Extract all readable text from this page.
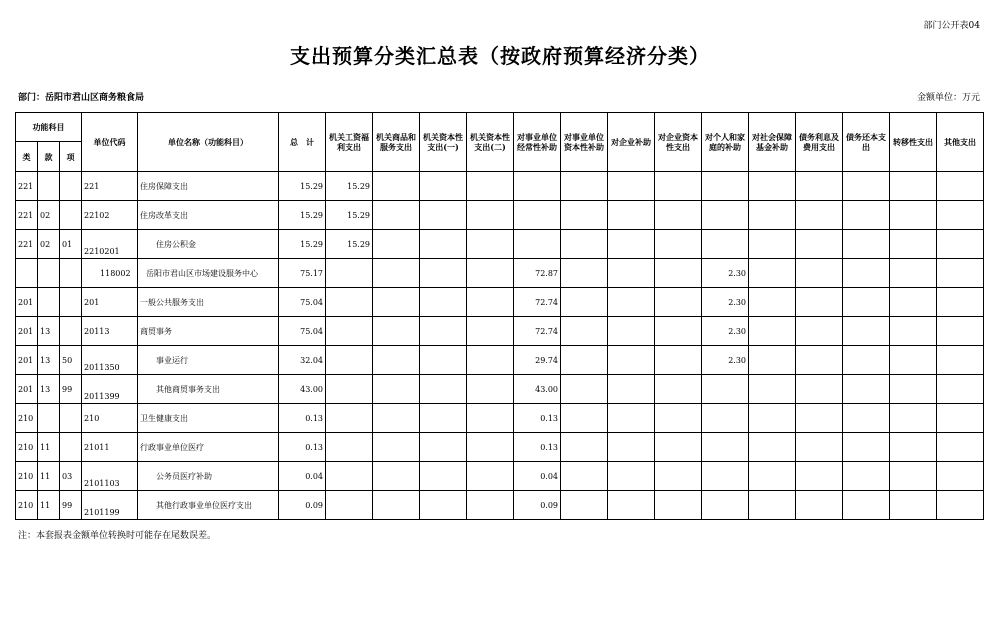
部门公开表04
支出预算分类汇总表（按政府预算经济分类）
部门：岳阳市君山区商务粮食局	金额单位：万元
功能科目			单位代码	单位名称（功能科目）	总　计	机关工资福利支出	机关商品和服务支出	机关资本性支出(一)	机关资本性支出(二)	对事业单位经常性补助	对事业单位资本性补助	对企业补助	对企业资本性支出	对个人和家庭的补助	对社会保障基金补助	债务利息及费用支出	债务还本支出	转移性支出	其他支出
类	款	项																	
221			221	住房保障支出	15.29	15.29													
221	02		22102	住房改革支出	15.29	15.29													
221	02	01	2210201	住房公积金	15.29	15.29													
			118002	岳阳市君山区市场建设服务中心	75.17					72.87				2.30					
201			201	一般公共服务支出	75.04					72.74				2.30					
201	13		20113	商贸事务	75.04					72.74				2.30					
201	13	50	2011350	事业运行	32.04					29.74				2.30					
201	13	99	2011399	其他商贸事务支出	43.00					43.00									
210			210	卫生健康支出	0.13					0.13									
210	11		21011	行政事业单位医疗	0.13					0.13									
210	11	03	2101103	公务员医疗补助	0.04					0.04									
210	11	99	2101199	其他行政事业单位医疗支出	0.09					0.09									
注：本套报表金额单位转换时可能存在尾数误差。
